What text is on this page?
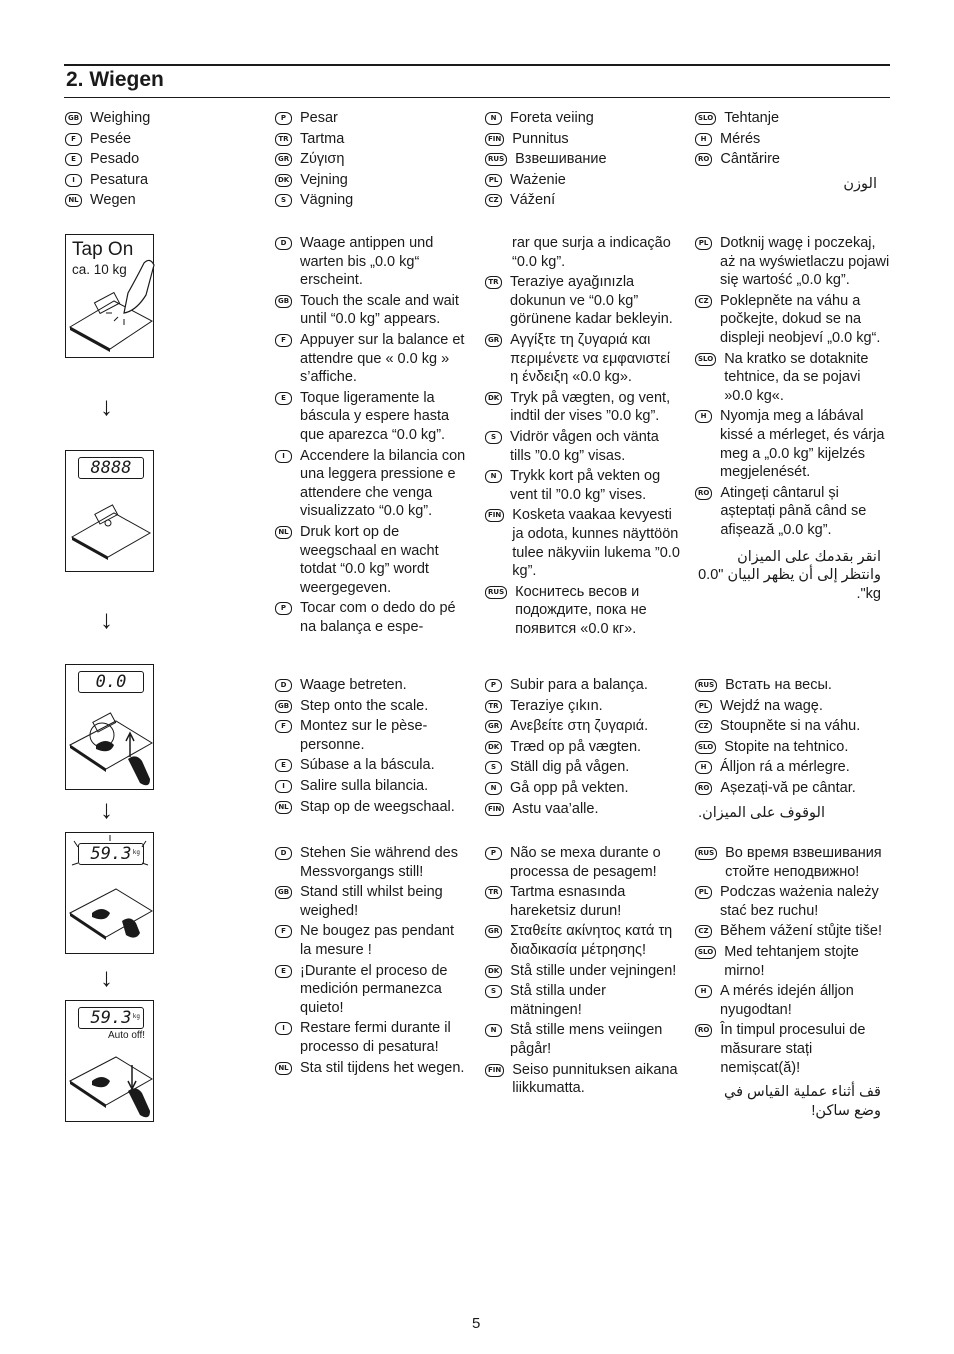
2. Wiegen
GB Weighing
F Pesée
E Pesado
I	Pesatura
NL Wegen
P Pesar
TR Tartma
GR Ζύγιση
DK Vejning
S Vägning
N Foreta veiing
FIN Punnitus
RUS Взвешивание
PL Ważenie
CZ Vážení
SLO Tehtanje
H Mérés
RO Cântărire
الوزن
Tap On
ca. 10 kg
↓
8888
↓
0.0
↓
59.3 kg
↓
59.3 kg
Auto off!
D Waage antippen und warten bis „0.0 kg“ erscheint.
GB Touch the scale and wait until “0.0 kg” appears.
F Appuyer sur la balance et attendre que « 0.0 kg » s’affiche.
E Toque ligeramente la báscula y espere hasta que aparezca “0.0 kg”.
I	Accendere la bilancia con una leggera pressione e attendere che venga visualizzato “0.0 kg”.
NL Druk kort op de weegschaal en wacht totdat “0.0 kg” wordt weergegeven.
P Tocar com o dedo do pé na balança e espe-
rar que surja a indicação “0.0 kg”.
TR Teraziye ayağınızla dokunun ve “0.0 kg” görünene kadar bekleyin.
GR Αγγίξτε τη ζυγαριά και περιμένετε να εμφανιστεί η ένδειξη «0.0 kg».
DK Tryk på vægten, og vent, indtil der vises ”0.0 kg”.
S Vidrör vågen och vänta tills ”0.0 kg” visas.
N Trykk kort på vekten og vent til ”0.0 kg” vises.
FIN Kosketa vaakaa kevyesti ja odota, kunnes näyttöön tulee näkyviin lukema ”0.0 kg”.
RUS Коснитесь весов и подождите, пока не появится «0.0 кг».
PL Dotknij wagę i poczekaj, aż na wyświetlaczu pojawi się wartość „0.0 kg”.
CZ Poklepněte na váhu a počkejte, dokud se na displeji neobjeví „0.0 kg“.
SLO Na kratko se dotaknite tehtnice, da se pojavi »0.0 kg«.
H Nyomja meg a lábával kissé a mérleget, és várja meg a „0.0 kg” kijelzés megjelenését.
RO Atingeți cântarul și așteptați până când se afișează „0.0 kg”.
انقر بقدمك على الميزان وانتظر إلى أن يظهر البيان "0.0 kg".
D Waage betreten.
GB Step onto the scale.
F Montez sur le pèse-personne.
E Súbase a la báscula.
I	Salire sulla bilancia.
NL Stap op de weegschaal.
P Subir para a balança.
TR Teraziye çıkın.
GR Ανεβείτε στη ζυγαριά.
DK Træd op på vægten.
S Ställ dig på vågen.
N Gå opp på vekten.
FIN Astu vaa’alle.
RUS Встать на весы.
PL Wejdź na wagę.
CZ Stoupněte si na váhu.
SLO Stopite na tehtnico.
H Álljon rá a mérlegre.
RO Așezați-vă pe cântar.
الوقوف على الميزان.
D Stehen Sie während des Messvorgangs still!
GB Stand still whilst being weighed!
F Ne bougez pas pendant la mesure !
E ¡Durante el proceso de medición permanezca quieto!
I	Restare fermi durante il processo di pesatura!
NL Sta stil tijdens het wegen.
P Não se mexa durante o processa de pesagem!
TR Tartma esnasında hareketsiz durun!
GR Σταθείτε ακίνητος κατά τη διαδικασία μέτρησης!
DK Stå stille under vejningen!
S Stå stilla under mätningen!
N Stå stille mens veiingen pågår!
FIN Seiso punnituksen aikana liikkumatta.
RUS Во время взвешивания стойте неподвижно!
PL Podczas ważenia należy stać bez ruchu!
CZ Během vážení stůjte tiše!
SLO Med tehtanjem stojte mirno!
H A mérés idején álljon nyugodtan!
RO În timpul procesului de măsurare stați nemișcat(ă)!
قف أثناء عملية القياس في وضع ساكن!
5
